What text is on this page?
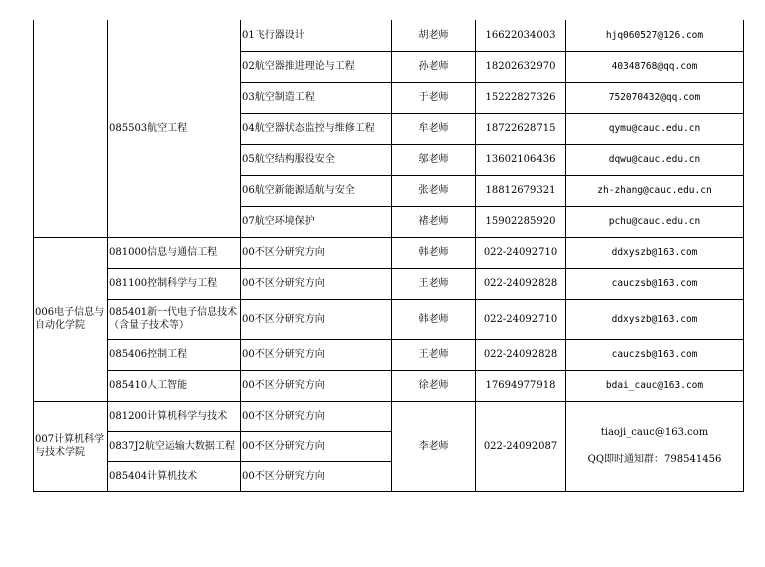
	085503航空工程	01飞行器设计	胡老师	16622034003	hjq060527@126.com
		02航空器推进理论与工程	孙老师	18202632970	40348768@qq.com
		03航空制造工程	于老师	15222827326	752070432@qq.com
		04航空器状态监控与维修工程	牟老师	18722628715	qymu@cauc.edu.cn
		05航空结构服役安全	邬老师	13602106436	dqwu@cauc.edu.cn
		06航空新能源适航与安全	张老师	18812679321	zh-zhang@cauc.edu.cn
		07航空环境保护	褚老师	15902285920	pchu@cauc.edu.cn
006电子信息与自动化学院	081000信息与通信工程	00不区分研究方向	韩老师	022-24092710	ddxyszb@163.com
	081100控制科学与工程	00不区分研究方向	王老师	022-24092828	cauczsb@163.com
	085401新一代电子信息技术（含量子技术等）	00不区分研究方向	韩老师	022-24092710	ddxyszb@163.com
	085406控制工程	00不区分研究方向	王老师	022-24092828	cauczsb@163.com
	085410人工智能	00不区分研究方向	徐老师	17694977918	bdai_cauc@163.com
007计算机科学与技术学院	081200计算机科学与技术	00不区分研究方向	李老师	022-24092087	tiaoji_cauc@163.com
QQ即时通知群：798541456

	0837J2航空运输大数据工程	00不区分研究方向			
	085404计算机技术	00不区分研究方向			
